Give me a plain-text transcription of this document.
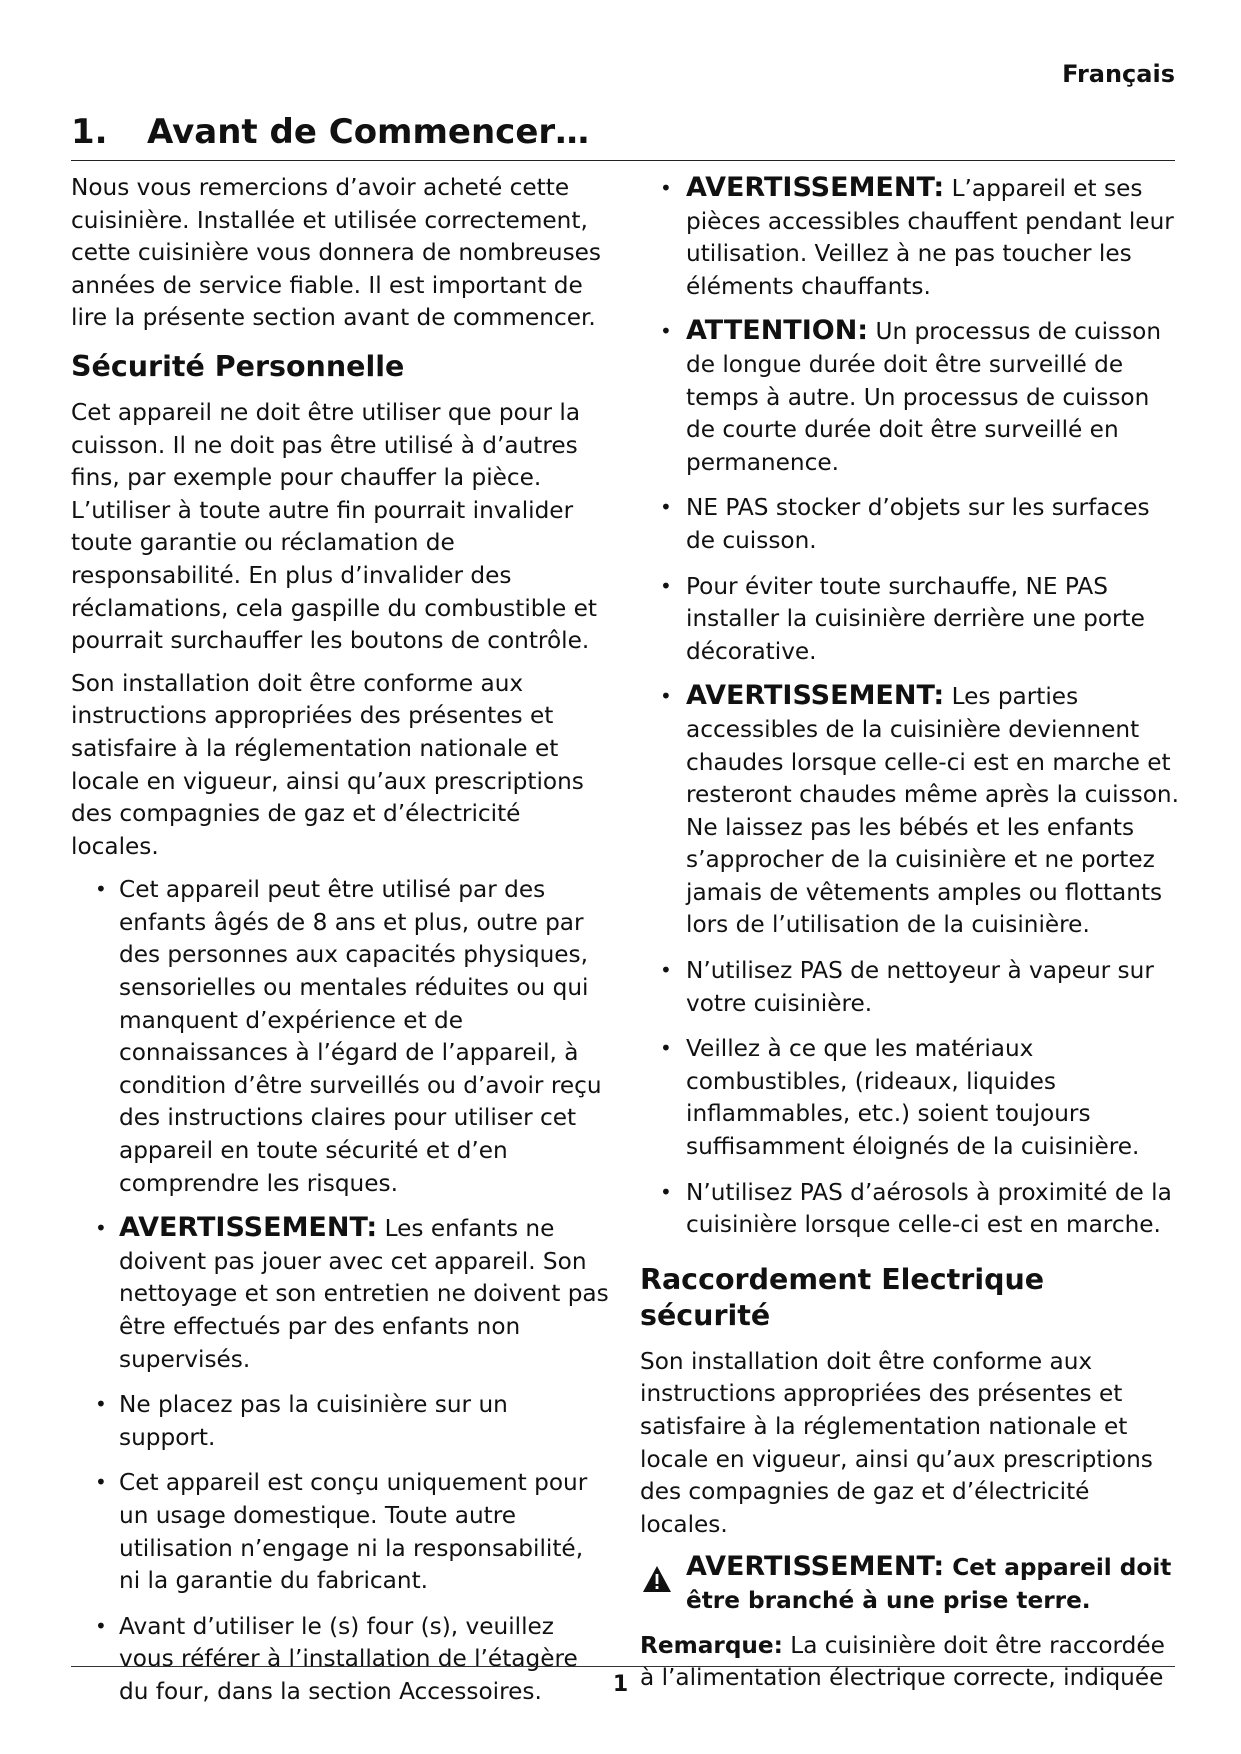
Français
1. Avant de Commencer…

Nous vous remercions d’avoir acheté cette cuisinière. Installée et utilisée correctement, cette cuisinière vous donnera de nombreuses années de service fiable. Il est important de lire la présente section avant de commencer.

Sécurité Personnelle

Cet appareil ne doit être utiliser que pour la cuisson. Il ne doit pas être utilisé à d’autres fins, par exemple pour chauffer la pièce. L’utiliser à toute autre fin pourrait invalider toute garantie ou réclamation de responsabilité. En plus d’invalider des réclamations, cela gaspille du combustible et pourrait surchauffer les boutons de contrôle.

Son installation doit être conforme aux instructions appropriées des présentes et satisfaire à la réglementation nationale et locale en vigueur, ainsi qu’aux prescriptions des compagnies de gaz et d’électricité locales.

• Cet appareil peut être utilisé par des enfants âgés de 8 ans et plus, outre par des personnes aux capacités physiques, sensorielles ou mentales réduites ou qui manquent d’expérience et de connaissances à l’égard de l’appareil, à condition d’être surveillés ou d’avoir reçu des instructions claires pour utiliser cet appareil en toute sécurité et d’en comprendre les risques.
• AVERTISSEMENT: Les enfants ne doivent pas jouer avec cet appareil. Son nettoyage et son entretien ne doivent pas être effectués par des enfants non supervisés.
• Ne placez pas la cuisinière sur un support.
• Cet appareil est conçu uniquement pour un usage domestique. Toute autre utilisation n’engage ni la responsabilité, ni la garantie du fabricant.
• Avant d’utiliser le (s) four (s), veuillez vous référer à l’installation de l’étagère du four, dans la section Accessoires.
• AVERTISSEMENT: L’appareil et ses pièces accessibles chauffent pendant leur utilisation. Veillez à ne pas toucher les éléments chauffants.
• ATTENTION: Un processus de cuisson de longue durée doit être surveillé de temps à autre. Un processus de cuisson de courte durée doit être surveillé en permanence.
• NE PAS stocker d’objets sur les surfaces de cuisson.
• Pour éviter toute surchauffe, NE PAS installer la cuisinière derrière une porte décorative.
• AVERTISSEMENT: Les parties accessibles de la cuisinière deviennent chaudes lorsque celle-ci est en marche et resteront chaudes même après la cuisson. Ne laissez pas les bébés et les enfants s’approcher de la cuisinière et ne portez jamais de vêtements amples ou flottants lors de l’utilisation de la cuisinière.
• N’utilisez PAS de nettoyeur à vapeur sur votre cuisinière.
• Veillez à ce que les matériaux combustibles, (rideaux, liquides inflammables, etc.) soient toujours suffisamment éloignés de la cuisinière.
• N’utilisez PAS d’aérosols à proximité de la cuisinière lorsque celle-ci est en marche.
Raccordement Electrique sécurité

Son installation doit être conforme aux instructions appropriées des présentes et satisfaire à la réglementation nationale et locale en vigueur, ainsi qu’aux prescriptions des compagnies de gaz et d’électricité locales.

AVERTISSEMENT: Cet appareil doit être branché à une prise terre.

Remarque: La cuisinière doit être raccordée à l’alimentation électrique correcte, indiquée

1
